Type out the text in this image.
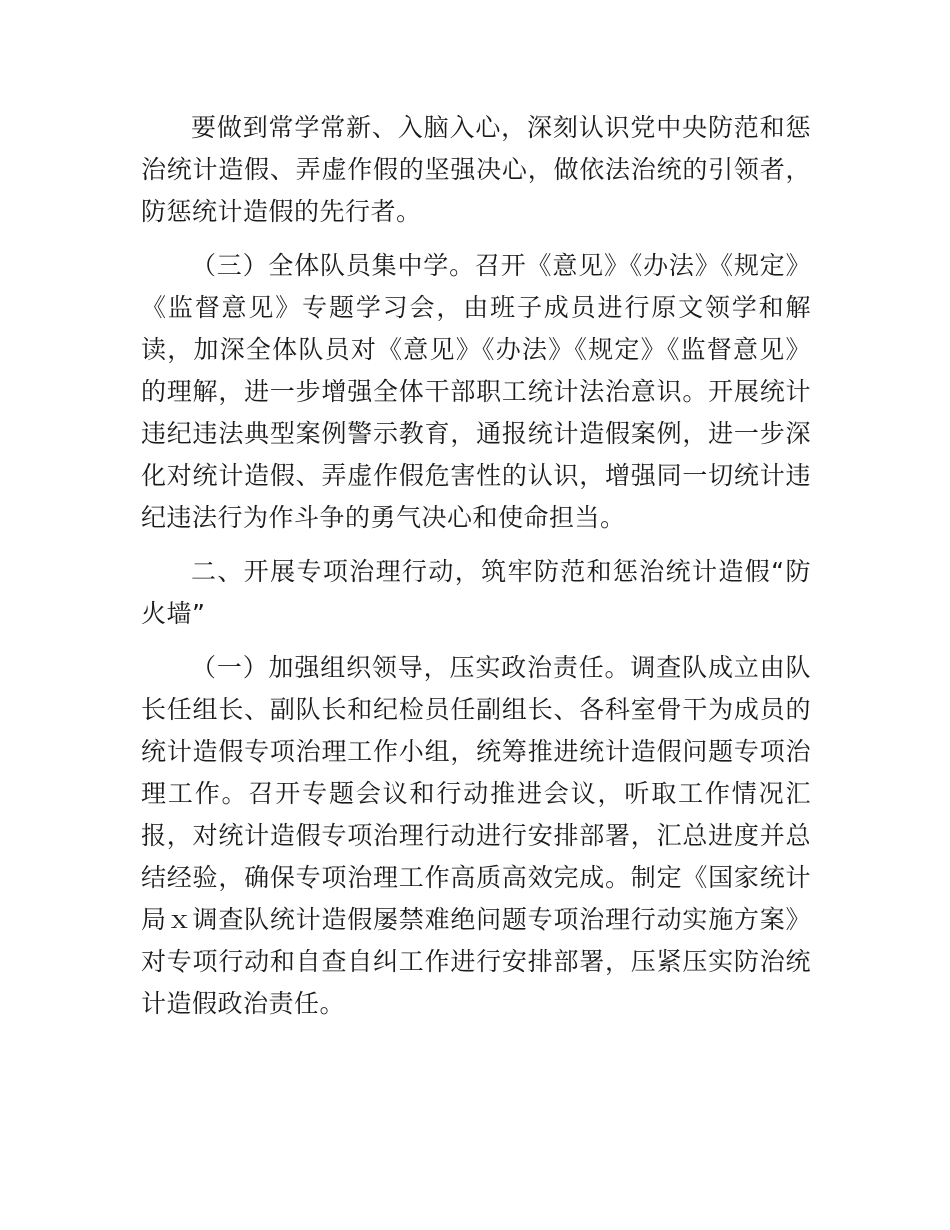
要做到常学常新、入脑入心，深刻认识党中央防范和惩治统计造假、弄虚作假的坚强决心，做依法治统的引领者，防惩统计造假的先行者。

（三）全体队员集中学。召开《意见》《办法》《规定》《监督意见》专题学习会，由班子成员进行原文领学和解读，加深全体队员对《意见》《办法》《规定》《监督意见》的理解，进一步增强全体干部职工统计法治意识。开展统计违纪违法典型案例警示教育，通报统计造假案例，进一步深化对统计造假、弄虚作假危害性的认识，增强同一切统计违纪违法行为作斗争的勇气决心和使命担当。

二、开展专项治理行动，筑牢防范和惩治统计造假“防火墙”

（一）加强组织领导，压实政治责任。调查队成立由队长任组长、副队长和纪检员任副组长、各科室骨干为成员的统计造假专项治理工作小组，统筹推进统计造假问题专项治理工作。召开专题会议和行动推进会议，听取工作情况汇报，对统计造假专项治理行动进行安排部署，汇总进度并总结经验，确保专项治理工作高质高效完成。制定《国家统计局ｘ调查队统计造假屡禁难绝问题专项治理行动实施方案》对专项行动和自查自纠工作进行安排部署，压紧压实防治统计造假政治责任。
